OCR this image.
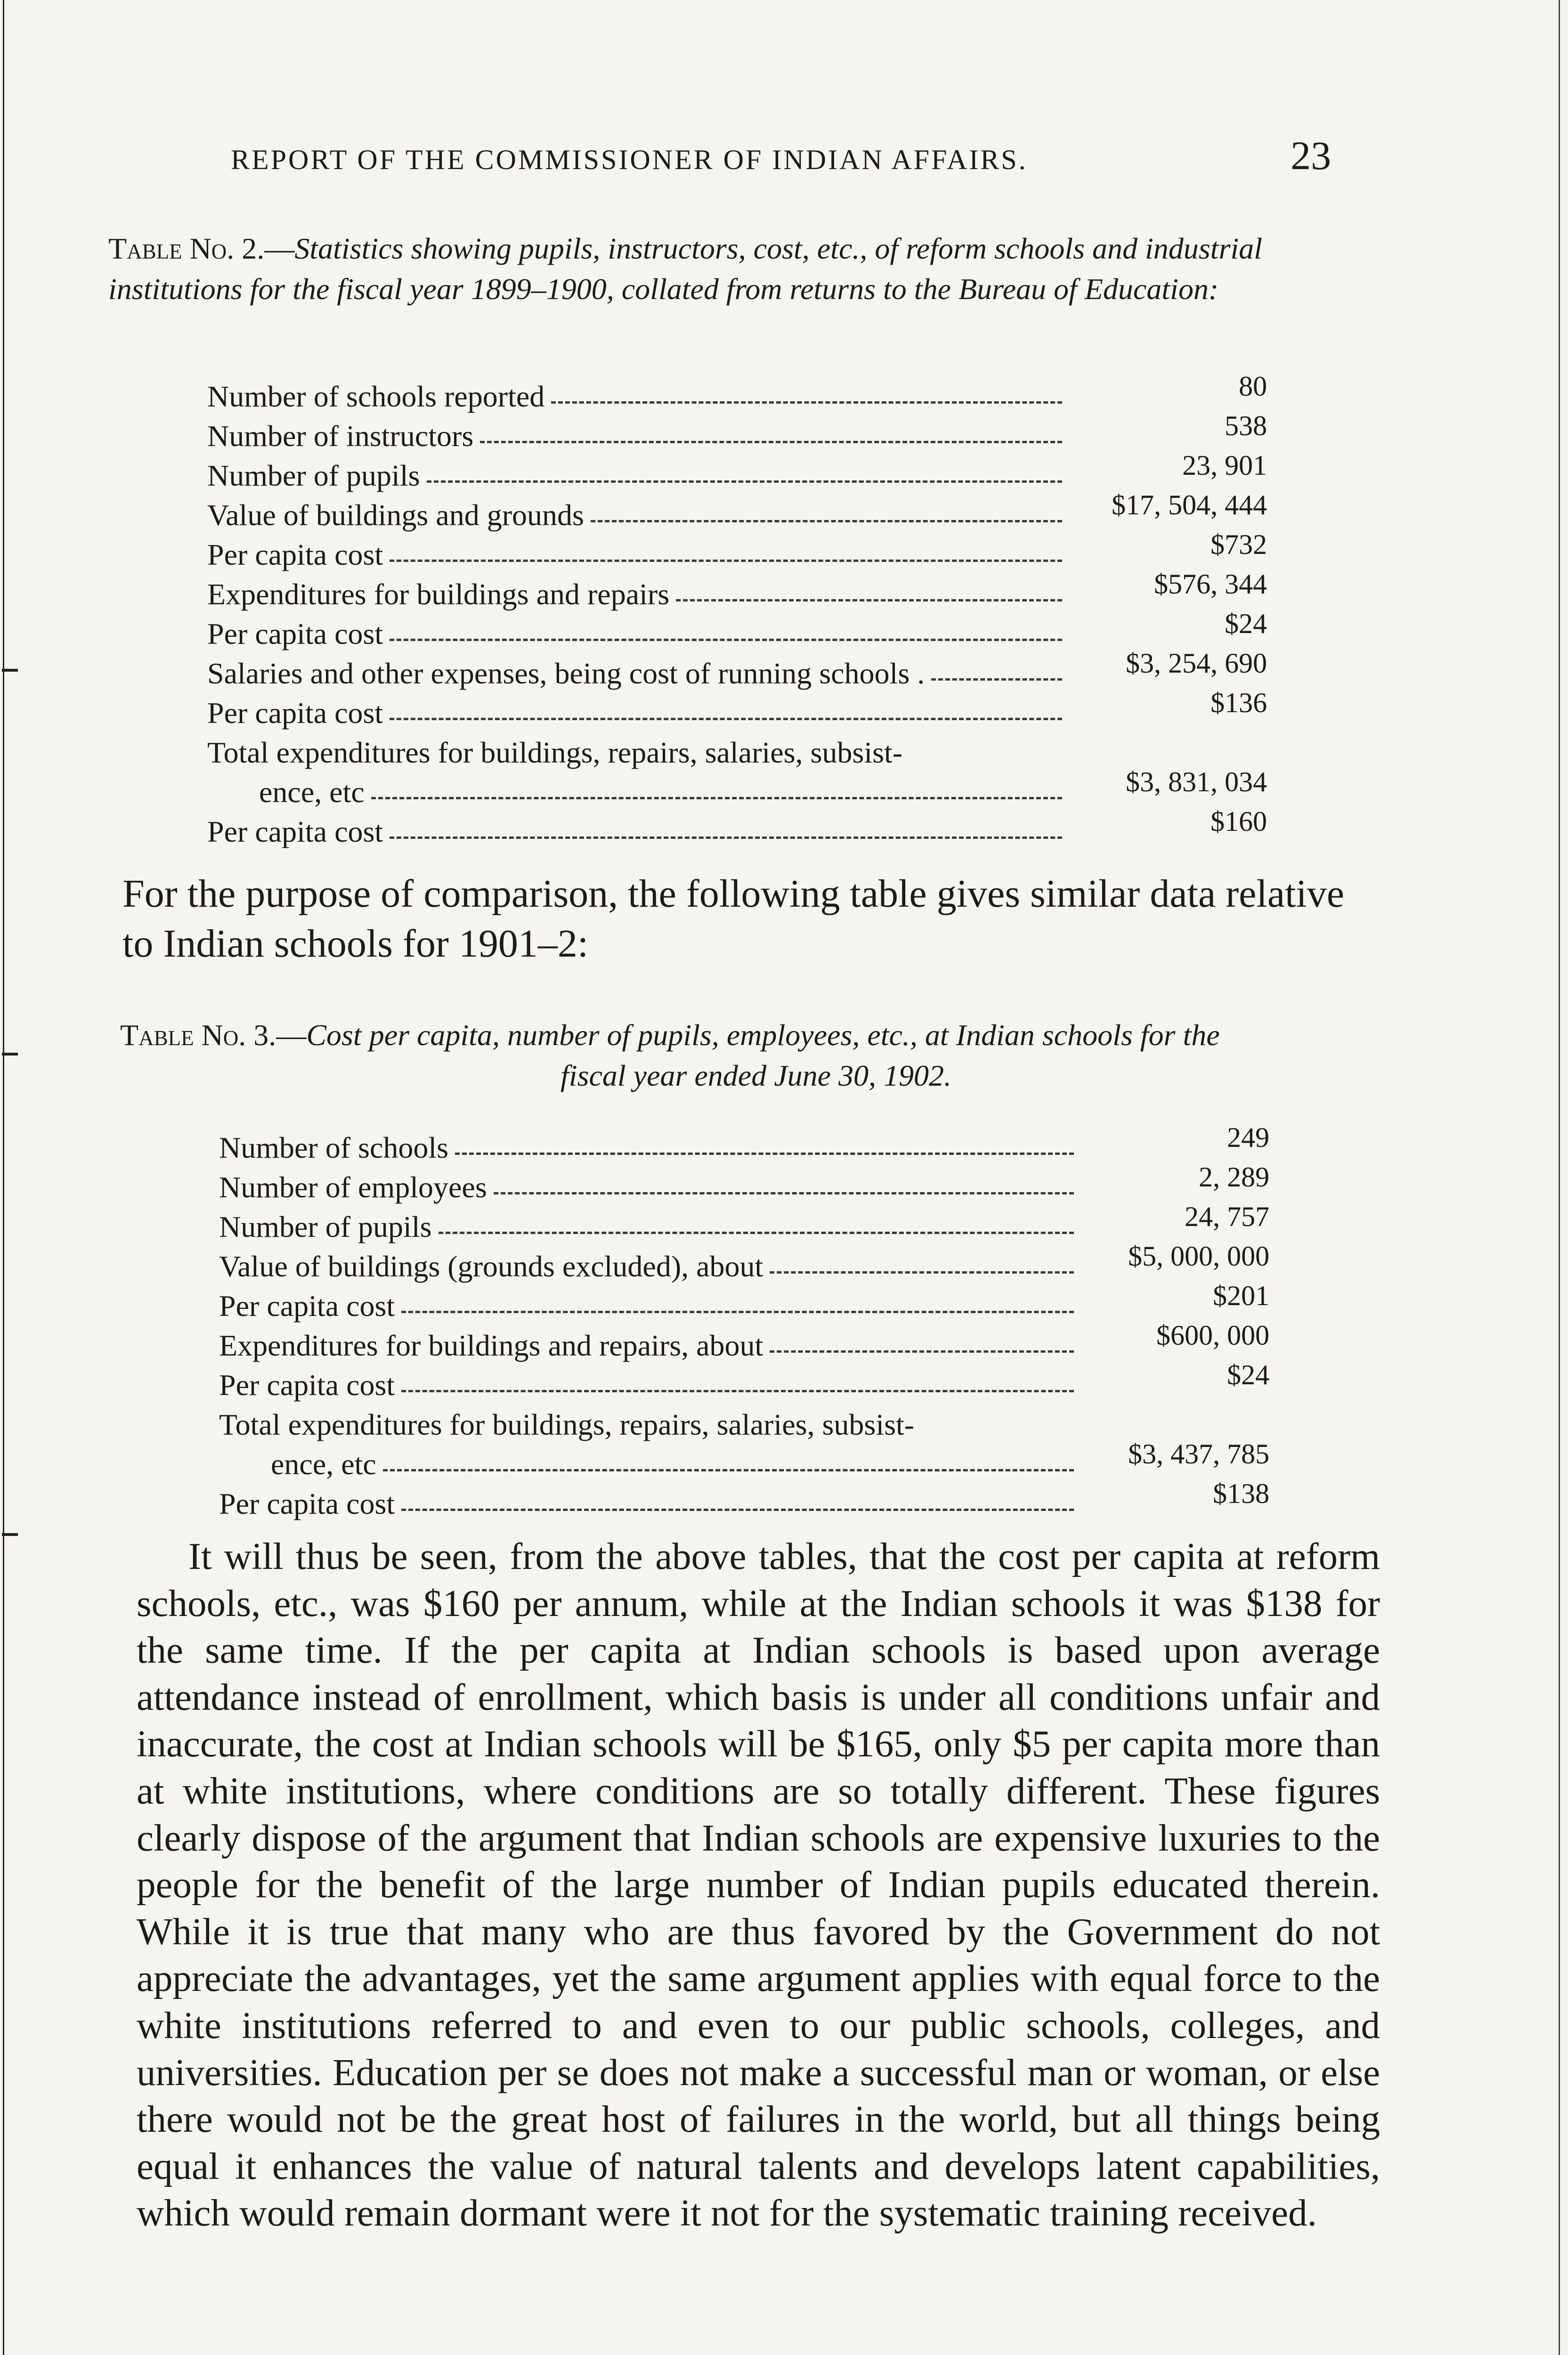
REPORT OF THE COMMISSIONER OF INDIAN AFFAIRS.	23
Table No. 2.—Statistics showing pupils, instructors, cost, etc., of reform schools and industrial institutions for the fiscal year 1899–1900, collated from returns to the Bureau of Education:
Number of schools reported	80
Number of instructors	538
Number of pupils	23, 901
Value of buildings and grounds	$17, 504, 444
Per capita cost	$732
Expenditures for buildings and repairs	$576, 344
Per capita cost	$24
Salaries and other expenses, being cost of running schools .	$3, 254, 690
Per capita cost	$136
Total expenditures for buildings, repairs, salaries, subsist-
ence, etc	$3, 831, 034
Per capita cost	$160
For the purpose of comparison, the following table gives similar data relative to Indian schools for 1901–2:
Table No. 3.—Cost per capita, number of pupils, employees, etc., at Indian schools for the
fiscal year ended June 30, 1902.
Number of schools	249
Number of employees	2, 289
Number of pupils	24, 757
Value of buildings (grounds excluded), about	$5, 000, 000
Per capita cost	$201
Expenditures for buildings and repairs, about	$600, 000
Per capita cost	$24
Total expenditures for buildings, repairs, salaries, subsist-
ence, etc	$3, 437, 785
Per capita cost	$138
It will thus be seen, from the above tables, that the cost per capita at reform schools, etc., was $160 per annum, while at the Indian schools it was $138 for the same time. If the per capita at Indian schools is based upon average attendance instead of enrollment, which basis is under all conditions unfair and inaccurate, the cost at Indian schools will be $165, only $5 per capita more than at white institutions, where conditions are so totally different. These figures clearly dispose of the argument that Indian schools are expensive luxuries to the people for the benefit of the large number of Indian pupils educated therein. While it is true that many who are thus favored by the Government do not appreciate the advantages, yet the same argument applies with equal force to the white institutions referred to and even to our public schools, colleges, and universities. Education per se does not make a successful man or woman, or else there would not be the great host of failures in the world, but all things being equal it enhances the value of natural talents and develops latent capabilities, which would remain dormant were it not for the systematic training received.
